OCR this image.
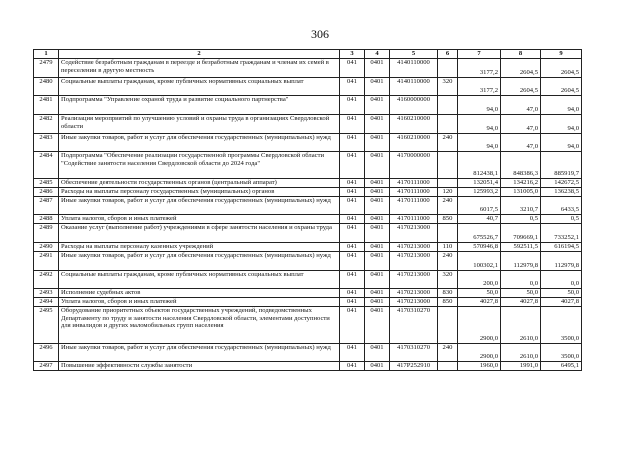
306
1	2	3	4	5	6	7	8	9
2479	Содействие безработным гражданам в переезде и безработным гражданам и членам их семей в переселении в другую местность	041	0401	4140110000		3177,2	2604,5	2604,5
2480	Социальные выплаты гражданам, кроме публичных нормативных социальных выплат	041	0401	4140110000	320	3177,2	2604,5	2604,5
2481	Подпрограмма "Управление охраной труда и развитие социального партнерства"	041	0401	4160000000		94,0	47,0	94,0
2482	Реализация мероприятий по улучшению условий и охраны труда в организациях Свердловской области	041	0401	4160210000		94,0	47,0	94,0
2483	Иные закупки товаров, работ и услуг для обеспечения государственных (муниципальных) нужд	041	0401	4160210000	240	94,0	47,0	94,0
2484	Подпрограмма "Обеспечение реализации государственной программы Свердловской области "Содействие занятости населения Свердловской области до 2024 года"	041	0401	4170000000		812438,1	848386,3	885919,7
2485	Обеспечение деятельности государственных органов (центральный аппарат)	041	0401	4170111000		132051,4	134216,2	142672,5
2486	Расходы на выплаты персоналу государственных (муниципальных) органов	041	0401	4170111000	120	125993,2	131005,0	136238,5
2487	Иные закупки товаров, работ и услуг для обеспечения государственных (муниципальных) нужд	041	0401	4170111000	240	6017,5	3210,7	6433,5
2488	Уплата налогов, сборов и иных платежей	041	0401	4170111000	850	40,7	0,5	0,5
2489	Оказание услуг (выполнение работ) учреждениями в сфере занятости населения и охраны труда	041	0401	4170213000		675526,7	709669,1	733252,1
2490	Расходы на выплаты персоналу казенных учреждений	041	0401	4170213000	110	570946,8	592511,5	616194,5
2491	Иные закупки товаров, работ и услуг для обеспечения государственных (муниципальных) нужд	041	0401	4170213000	240	100302,1	112979,8	112979,8
2492	Социальные выплаты гражданам, кроме публичных нормативных социальных выплат	041	0401	4170213000	320	200,0	0,0	0,0
2493	Исполнение судебных актов	041	0401	4170213000	830	50,0	50,0	50,0
2494	Уплата налогов, сборов и иных платежей	041	0401	4170213000	850	4027,8	4027,8	4027,8
2495	Оборудование приоритетных объектов государственных учреждений, подведомственных Департаменту по труду и занятости населения Свердловской области, элементами доступности для инвалидов и других маломобильных групп населения	041	0401	4170310270		2900,0	2610,0	3500,0
2496	Иные закупки товаров, работ и услуг для обеспечения государственных (муниципальных) нужд	041	0401	4170310270	240	2900,0	2610,0	3500,0
2497	Повышение эффективности службы занятости	041	0401	417P252910		1960,0	1991,0	6495,1
